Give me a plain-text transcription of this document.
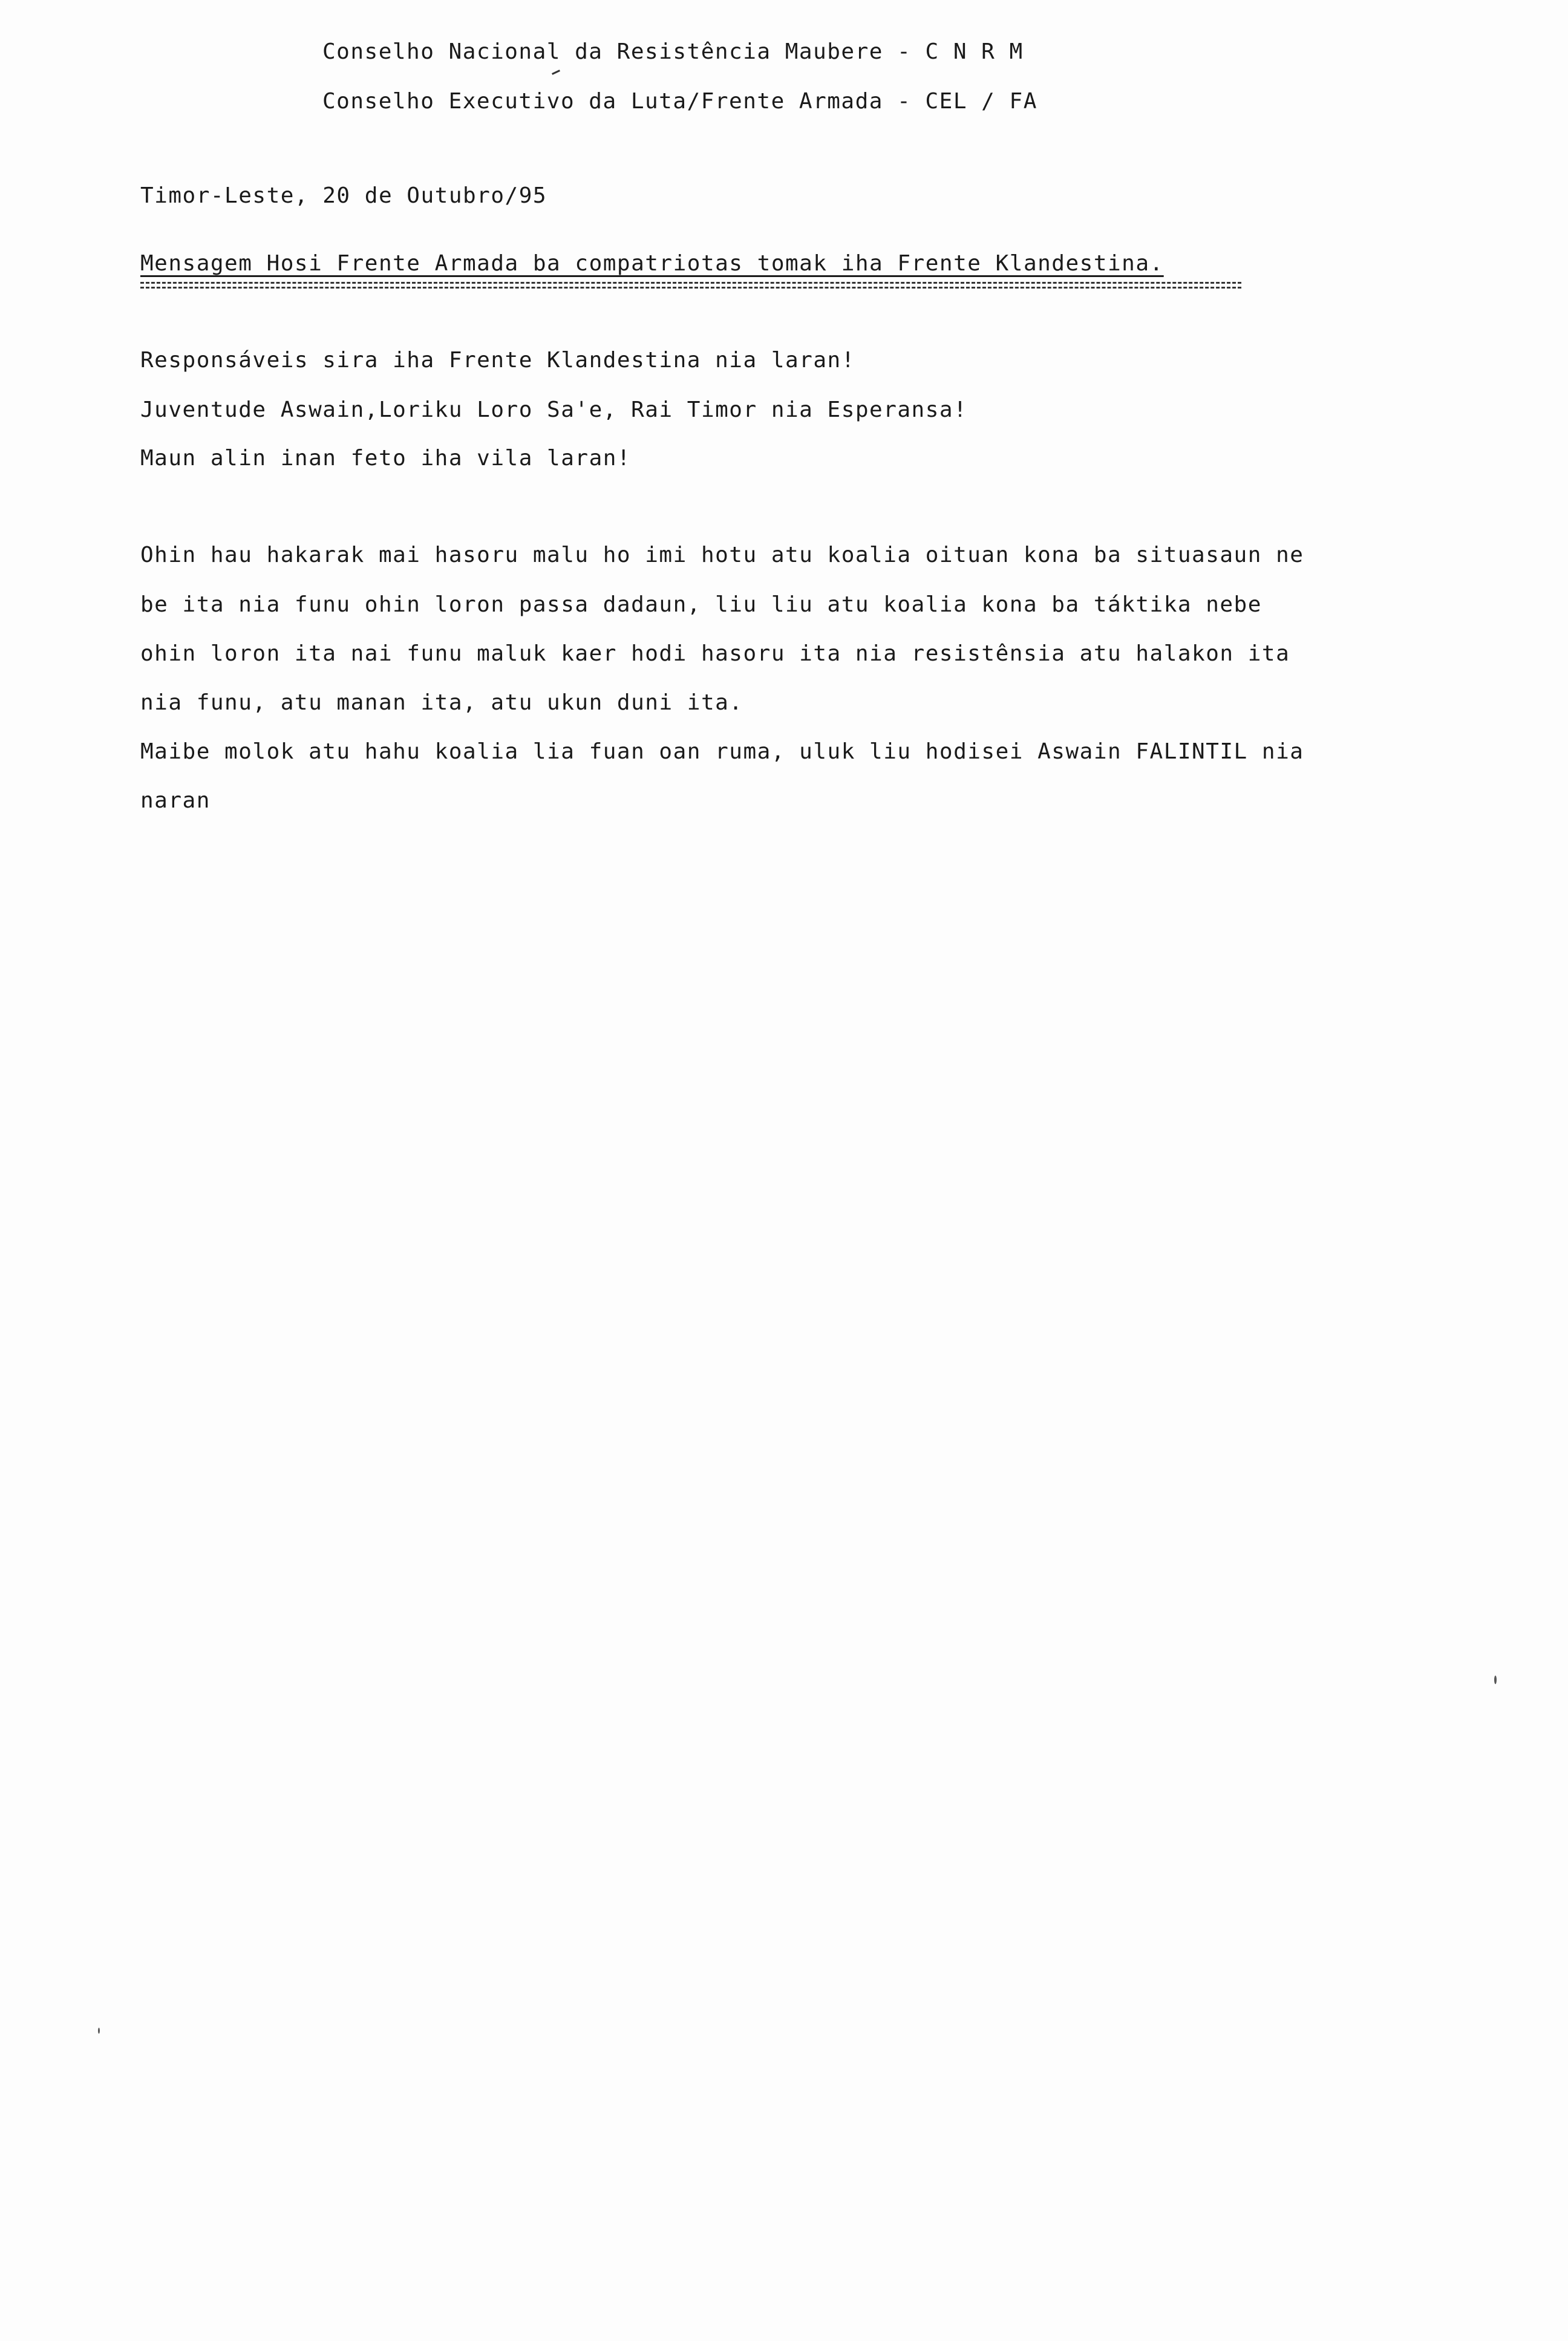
Conselho Nacional da Resistência Maubere - C N R M
Conselho Executivo da Luta/Frente Armada - CEL / FA
Timor-Leste, 20 de Outubro/95
Mensagem Hosi Frente Armada ba compatriotas tomak iha Frente Klandestina.
Responsáveis sira iha Frente Klandestina nia laran!
Juventude Aswain,Loriku Loro Sa'e, Rai Timor nia Esperansa!
Maun alin inan feto iha vila laran!
Ohin hau hakarak mai hasoru malu ho imi hotu atu koalia oituan kona ba situasaun ne
be ita nia funu ohin loron passa dadaun, liu liu atu koalia kona ba táktika nebe
ohin loron ita nai funu maluk kaer hodi hasoru ita nia resistênsia atu halakon ita
nia funu, atu manan ita, atu ukun duni ita.
Maibe molok atu hahu koalia lia fuan oan ruma, uluk liu hodisei Aswain FALINTIL nia
naran
